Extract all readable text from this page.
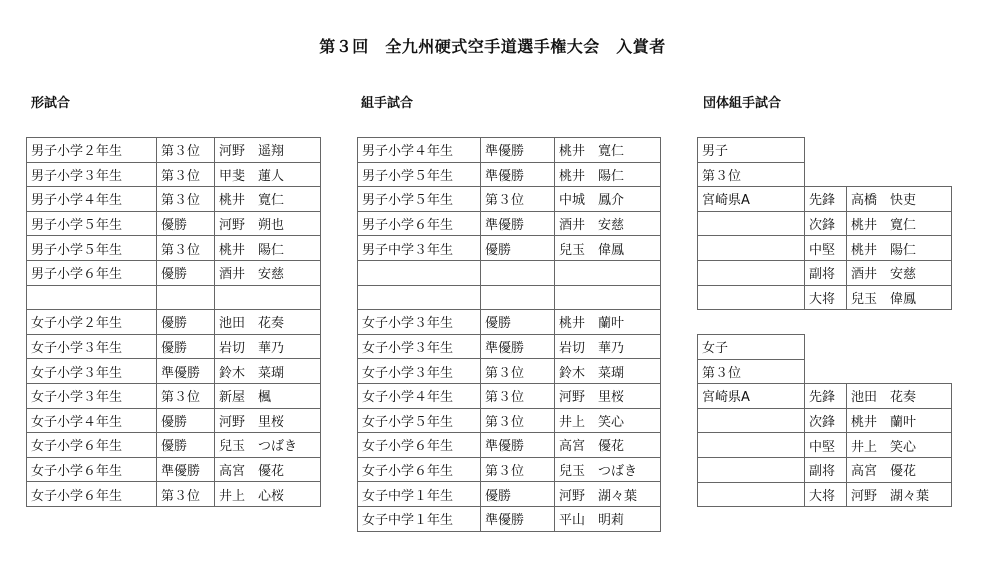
第３回　全九州硬式空手道選手権大会　入賞者
形試合	組手試合	団体組手試合
男子小学２年生	第３位	河野　遥翔
男子小学３年生	第３位	甲斐　蓮人
男子小学４年生	第３位	桃井　寛仁
男子小学５年生	優勝	河野　朔也
男子小学５年生	第３位	桃井　陽仁
男子小学６年生	優勝	酒井　安慈

女子小学２年生	優勝	池田　花奏
女子小学３年生	優勝	岩切　華乃
女子小学３年生	準優勝	鈴木　菜瑚
女子小学３年生	第３位	新屋　楓
女子小学４年生	優勝	河野　里桜
女子小学６年生	優勝	兒玉　つばき
女子小学６年生	準優勝	高宮　優花
女子小学６年生	第３位	井上　心桜
男子小学４年生	準優勝	桃井　寛仁
男子小学５年生	準優勝	桃井　陽仁
男子小学５年生	第３位	中城　鳳介
男子小学６年生	準優勝	酒井　安慈
男子中学３年生	優勝	兒玉　偉鳳

女子小学３年生	優勝	桃井　蘭叶
女子小学３年生	準優勝	岩切　華乃
女子小学３年生	第３位	鈴木　菜瑚
女子小学４年生	第３位	河野　里桜
女子小学５年生	第３位	井上　笑心
女子小学６年生	準優勝	高宮　優花
女子小学６年生	第３位	兒玉　つばき
女子中学１年生	優勝	河野　湖々葉
女子中学１年生	準優勝	平山　明莉
男子		
第３位		
宮崎県A	先鋒	高橋　快吏
	次鋒	桃井　寛仁
	中堅	桃井　陽仁
	副将	酒井　安慈
	大将	兒玉　偉鳳
女子		
第３位		
宮崎県A	先鋒	池田　花奏
	次鋒	桃井　蘭叶
	中堅	井上　笑心
	副将	高宮　優花
	大将	河野　湖々葉
